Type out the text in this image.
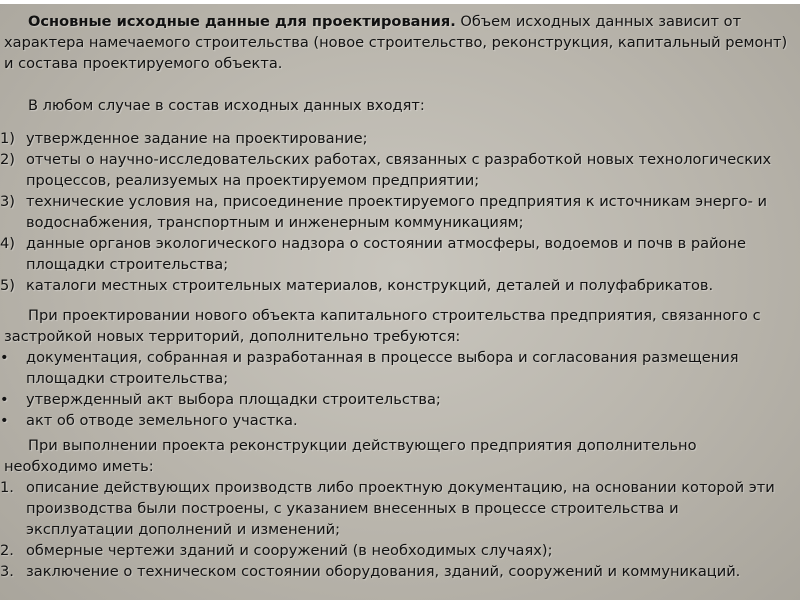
Основные исходные данные для проектирования. Объем исходных данных зависит от характера намечаемого строительства (новое строительство, реконструкция, капитальный ремонт) и состава проектируемого объекта.

В любом случае в состав исходных данных входят:

1) утвержденное задание на проектирование;
2) отчеты о научно-исследовательских работах, связанных с разработкой новых технологических процессов, реализуемых на проектируемом предприятии;
3) технические условия на, присоединение проектируемого предприятия к источникам энерго- и водоснабжения, транспортным и инженерным коммуникациям;
4) данные органов экологического надзора о состоянии атмосферы, водоемов и почв в районе площадки строительства;
5) каталоги местных строительных материалов, конструкций, деталей и полуфабрикатов.

При проектировании нового объекта капитального строительства предприятия, связанного с застройкой новых территорий, дополнительно требуются:

•	документация, собранная и разработанная в процессе выбора и согласования размещения площадки строительства;
•	утвержденный акт выбора площадки строительства;
•	акт об отводе земельного участка.

При выполнении проекта реконструкции действующего предприятия дополнительно необходимо иметь:

1. описание действующих производств либо проектную документацию, на основании которой эти производства были построены, с указанием внесенных в процессе строительства и эксплуатации дополнений и изменений;
2. обмерные чертежи зданий и сооружений (в необходимых случаях);
3. заключение о техническом состоянии оборудования, зданий, сооружений и коммуникаций.
